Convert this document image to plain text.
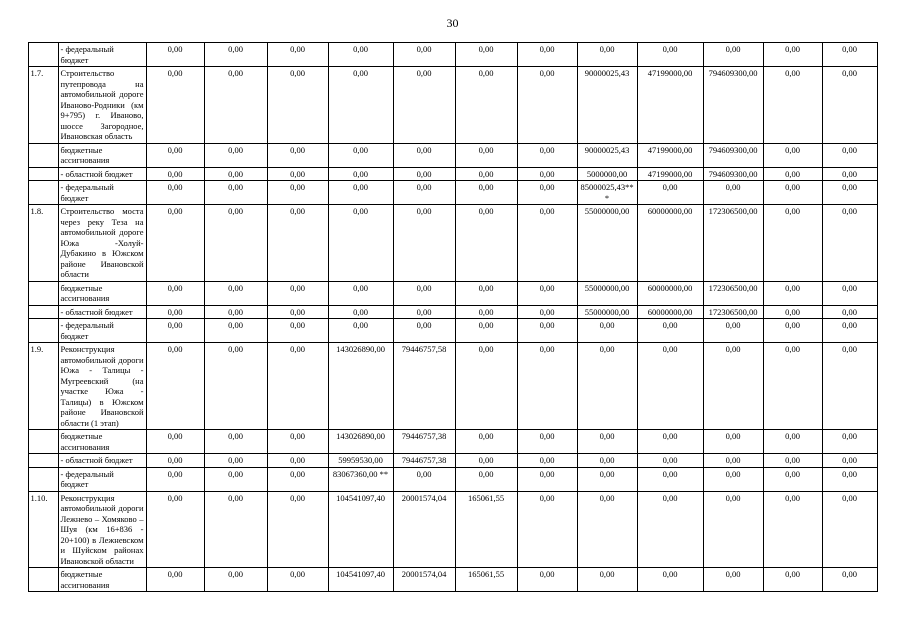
30
	- федеральный бюджет	0,00	0,00	0,00	0,00	0,00	0,00	0,00	0,00	0,00	0,00	0,00	0,00
1.7.	Строительство путепровода на автомобильной дороге Иваново-Родники (км 9+795) г. Иваново, шоссе Загородное, Ивановская область	0,00	0,00	0,00	0,00	0,00	0,00	0,00	90000025,43	47199000,00	794609300,00	0,00	0,00
	бюджетные ассигнования	0,00	0,00	0,00	0,00	0,00	0,00	0,00	90000025,43	47199000,00	794609300,00	0,00	0,00
	- областной бюджет	0,00	0,00	0,00	0,00	0,00	0,00	0,00	5000000,00	47199000,00	794609300,00	0,00	0,00
	- федеральный бюджет	0,00	0,00	0,00	0,00	0,00	0,00	0,00	85000025,43***	0,00	0,00	0,00	0,00
1.8.	Строительство моста через реку Теза на автомобильной дороге Южа -Холуй-Дубакино в Южском районе Ивановской области	0,00	0,00	0,00	0,00	0,00	0,00	0,00	55000000,00	60000000,00	172306500,00	0,00	0,00
	бюджетные ассигнования	0,00	0,00	0,00	0,00	0,00	0,00	0,00	55000000,00	60000000,00	172306500,00	0,00	0,00
	- областной бюджет	0,00	0,00	0,00	0,00	0,00	0,00	0,00	55000000,00	60000000,00	172306500,00	0,00	0,00
	- федеральный бюджет	0,00	0,00	0,00	0,00	0,00	0,00	0,00	0,00	0,00	0,00	0,00	0,00
1.9.	Реконструкция автомобильной дороги Южа - Талицы - Мугреевский (на участке Южа - Талицы) в Южском районе Ивановской области (1 этап)	0,00	0,00	0,00	143026890,00	79446757,58	0,00	0,00	0,00	0,00	0,00	0,00	0,00
	бюджетные ассигнования	0,00	0,00	0,00	143026890,00	79446757,38	0,00	0,00	0,00	0,00	0,00	0,00	0,00
	- областной бюджет	0,00	0,00	0,00	59959530,00	79446757,38	0,00	0,00	0,00	0,00	0,00	0,00	0,00
	- федеральный бюджет	0,00	0,00	0,00	83067360,00 **	0,00	0,00	0,00	0,00	0,00	0,00	0,00	0,00
1.10.	Реконструкция автомобильной дороги Лежнево – Хомяково – Шуя (км 16+836 - 20+100) в Лежневском и Шуйском районах Ивановской области	0,00	0,00	0,00	104541097,40	20001574,04	165061,55	0,00	0,00	0,00	0,00	0,00	0,00
	бюджетные ассигнования	0,00	0,00	0,00	104541097,40	20001574,04	165061,55	0,00	0,00	0,00	0,00	0,00	0,00
